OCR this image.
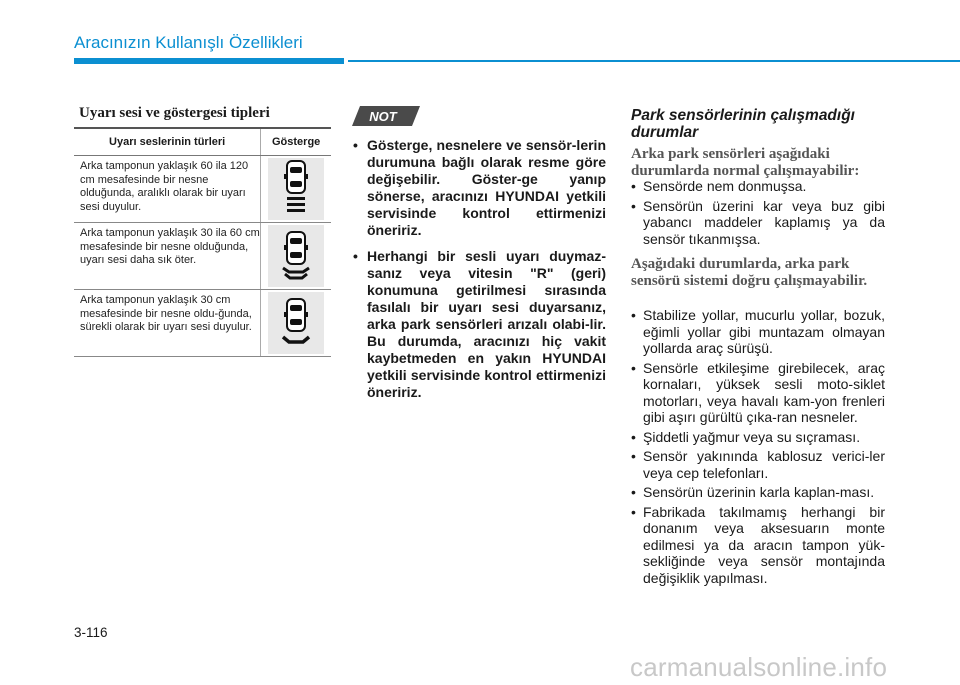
Aracınızın Kullanışlı Özellikleri
Uyarı sesi ve göstergesi tipleri
Uyarı seslerinin türleri	Gösterge
Arka tamponun yaklaşık 60 ila 120 cm mesafesinde bir nesne olduğunda, aralıklı olarak bir uyarı sesi duyulur.
Arka tamponun yaklaşık 30 ila 60 cm mesafesinde bir nesne olduğunda, uyarı sesi daha sık öter.
Arka tamponun yaklaşık 30 cm mesafesinde bir nesne oldu-ğunda, sürekli olarak bir uyarı sesi duyulur.
NOT
• Gösterge, nesnelere ve sensör-lerin durumuna bağlı olarak resme göre değişebilir. Göster-ge yanıp sönerse, aracınızı HYUNDAI yetkili servisinde kontrol ettirmenizi öneririz.
• Herhangi bir sesli uyarı duymaz-sanız veya vitesin "R" (geri) konumuna getirilmesi sırasında fasılalı bir uyarı sesi duyarsanız, arka park sensörleri arızalı olabi-lir. Bu durumda, aracınızı hiç vakit kaybetmeden en yakın HYUNDAI yetkili servisinde kontrol ettirmenizi öneririz.
Park sensörlerinin çalışmadığı durumlar
Arka park sensörleri aşağıdaki durumlarda normal çalışmayabilir:
• Sensörde nem donmuşsa.
• Sensörün üzerini kar veya buz gibi yabancı maddeler kaplamış ya da sensör tıkanmışsa.
Aşağıdaki durumlarda, arka park sensörü sistemi doğru çalışmayabilir.
• Stabilize yollar, mucurlu yollar, bozuk, eğimli yollar gibi muntazam olmayan yollarda araç sürüşü.
• Sensörle etkileşime girebilecek, araç kornaları, yüksek sesli moto-siklet motorları, veya havalı kam-yon frenleri gibi aşırı gürültü çıka-ran nesneler.
• Şiddetli yağmur veya su sıçraması.
• Sensör yakınında kablosuz verici-ler veya cep telefonları.
• Sensörün üzerinin karla kaplan-ması.
• Fabrikada takılmamış herhangi bir donanım veya aksesuarın monte edilmesi ya da aracın tampon yük-sekliğinde veya sensör montajında değişiklik yapılması.
3-116
carmanualsonline.info
